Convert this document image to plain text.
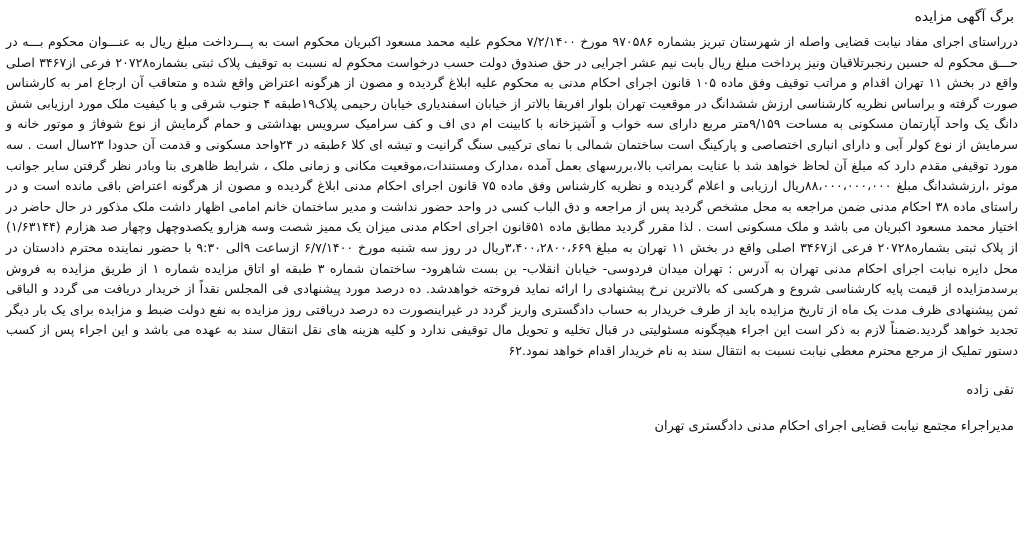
برگ آگهی مزایده

درراستای اجرای مفاد نیابت قضایی واصله از شهرستان تبریز بشماره ۹۷۰۵۸۶ مورخ ۷/۲/۱۴۰۰ محکوم علیه محمد مسعود اکبریان محکوم است به پـــرداخت مبلغ ریال به عنـــوان محکوم بـــه در حـــق محکوم له حسین رنجبرتلاقیان ونیز پرداخت مبلغ ریال بابت نیم عشر اجرایی در حق صندوق دولت حسب درخواست محکوم له نسبت به توقیف پلاک ثبتی بشماره۲۰۷۲۸ فرعی از۳۴۶۷ اصلی واقع در بخش ۱۱ تهران اقدام و مراتب توقیف وفق ماده ۱۰۵ قانون اجرای احکام مدنی به محکوم علیه ابلاغ گردیده و مصون از هرگونه اعتراض واقع شده و متعاقب آن ارجاع امر به کارشناس صورت گرفته و براساس نظریه کارشناسی ارزش ششدانگ در موقعیت تهران بلوار افریقا بالاتر از خیابان اسفندیاری خیابان رحیمی پلاک۱۹طبقه ۴ جنوب شرقی و با کیفیت ملک مورد ارزیابی شش دانگ یک واحد آپارتمان مسکونی به مساحت ۹/۱۵۹متر مربع دارای سه خواب و آشپزخانه با کابینت ام دی اف و کف سرامیک سرویس بهداشتی و حمام گرمایش از نوع شوفاژ و موتور خانه و سرمایش از نوع کولر آبی و دارای انباری اختصاصی و پارکینگ است ساختمان شمالی با نمای ترکیبی سنگ گرانیت و تیشه ای کلا ۶طبقه در ۲۴واحد مسکونی و قدمت آن حدودا ۲۳سال است . سه مورد توقیفی مقدم دارد که مبلغ آن لحاظ خواهد شد با عنایت بمراتب بالا،بررسهای بعمل آمده ،مدارک ومستندات،موقعیت مکانی و زمانی ملک ، شرایط ظاهری بنا وبادر نظر گرفتن سایر جوانب موثر ،ارزششدانگ مبلغ ۸۸،۰۰۰،۰۰۰،۰۰۰ریال ارزیابی و اعلام گردیده و نظریه کارشناس وفق ماده ۷۵ قانون اجرای احکام مدنی ابلاغ گردیده و مصون از هرگونه اعتراض باقی مانده است و در راستای ماده ۳۸ احکام مدنی ضمن مراجعه به محل مشخص گردید پس از مراجعه و دق الباب کسی در واحد حضور نداشت و مدیر ساختمان خانم امامی اظهار داشت ملک مذکور در حال حاضر در اختیار محمد مسعود اکبریان می باشد و ملک مسکونی است . لذا مقرر گردید مطابق ماده ۵۱قانون اجرای احکام مدنی میزان یک ممیز شصت وسه هزارو یکصدوچهل وچهار صد هزارم (۱/۶۳۱۴۴) از پلاک ثبتی بشماره۲۰۷۲۸ فرعی از۳۴۶۷ اصلی واقع در بخش ۱۱ تهران به مبلغ ۳،۴۰۰،۲۸۰۰،۶۶۹ریال در روز سه شنبه مورخ ۶/۷/۱۴۰۰ ازساعت ۹الی ۹:۳۰ با حضور نماینده محترم دادستان در محل دایره نیابت اجرای احکام مدنی تهران به آدرس : تهران میدان فردوسی- خیابان انقلاب- بن بست شاهرود- ساختمان شماره ۳ طبقه او اتاق مزایده شماره ۱ از طریق مزایده به فروش برسدمزایده از قیمت پایه کارشناسی شروع و هرکسی که بالاترین نرخ پیشنهادی را ارائه نماید فروخته خواهدشد. ده درصد مورد پیشنهادی فی المجلس نقداً از خریدار دریافت می گردد و الباقی ثمن پیشنهادی ظرف مدت یک ماه از تاریخ مزایده باید از طرف خریدار به حساب دادگستری واریز گردد در غیراینصورت ده درصد دریافتی روز مزایده به نفع دولت ضبط و مزایده برای یک بار دیگر تجدید خواهد گردید.ضمناً لازم به ذکر است این اجراء هیچگونه مسئولیتی در قبال تخلیه و تحویل مال توقیفی ندارد و کلیه هزینه های نقل انتقال سند به عهده می باشد و این اجراء پس از کسب دستور تملیک از مرجع محترم معطی نیابت نسبت به انتقال سند به نام خریدار اقدام خواهد نمود.۶۲

تقی زاده
مدیراجراء مجتمع نیابت قضایی اجرای احکام مدنی دادگستری تهران
